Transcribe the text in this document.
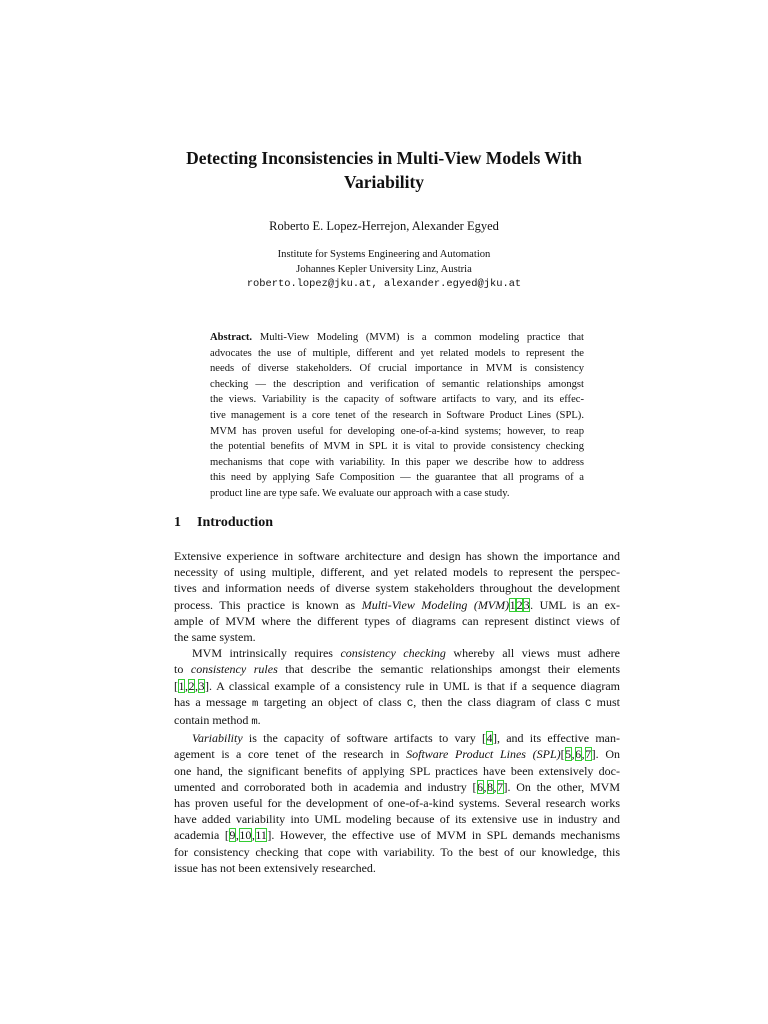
Detecting Inconsistencies in Multi-View Models With
Variability
Roberto E. Lopez-Herrejon, Alexander Egyed
Institute for Systems Engineering and Automation
Johannes Kepler University Linz, Austria
roberto.lopez@jku.at, alexander.egyed@jku.at
Abstract. Multi-View Modeling (MVM) is a common modeling practice that
advocates the use of multiple, different and yet related models to represent the
needs of diverse stakeholders. Of crucial importance in MVM is consistency
checking — the description and verification of semantic relationships amongst
the views. Variability is the capacity of software artifacts to vary, and its effec-
tive management is a core tenet of the research in Software Product Lines (SPL).
MVM has proven useful for developing one-of-a-kind systems; however, to reap
the potential benefits of MVM in SPL it is vital to provide consistency checking
mechanisms that cope with variability. In this paper we describe how to address
this need by applying Safe Composition — the guarantee that all programs of a
product line are type safe. We evaluate our approach with a case study.
1 Introduction
Extensive experience in software architecture and design has shown the importance and
necessity of using multiple, different, and yet related models to represent the perspec-
tives and information needs of diverse system stakeholders throughout the development
process. This practice is known as Multi-View Modeling (MVM)123. UML is an ex-
ample of MVM where the different types of diagrams can represent distinct views of
the same system.
MVM intrinsically requires consistency checking whereby all views must adhere
to consistency rules that describe the semantic relationships amongst their elements
[1,2,3]. A classical example of a consistency rule in UML is that if a sequence diagram
has a message m targeting an object of class C, then the class diagram of class C must
contain method m.
Variability is the capacity of software artifacts to vary [4], and its effective man-
agement is a core tenet of the research in Software Product Lines (SPL)[5,6,7]. On
one hand, the significant benefits of applying SPL practices have been extensively doc-
umented and corroborated both in academia and industry [6,8,7]. On the other, MVM
has proven useful for the development of one-of-a-kind systems. Several research works
have added variability into UML modeling because of its extensive use in industry and
academia [9,10,11]. However, the effective use of MVM in SPL demands mechanisms
for consistency checking that cope with variability. To the best of our knowledge, this
issue has not been extensively researched.
